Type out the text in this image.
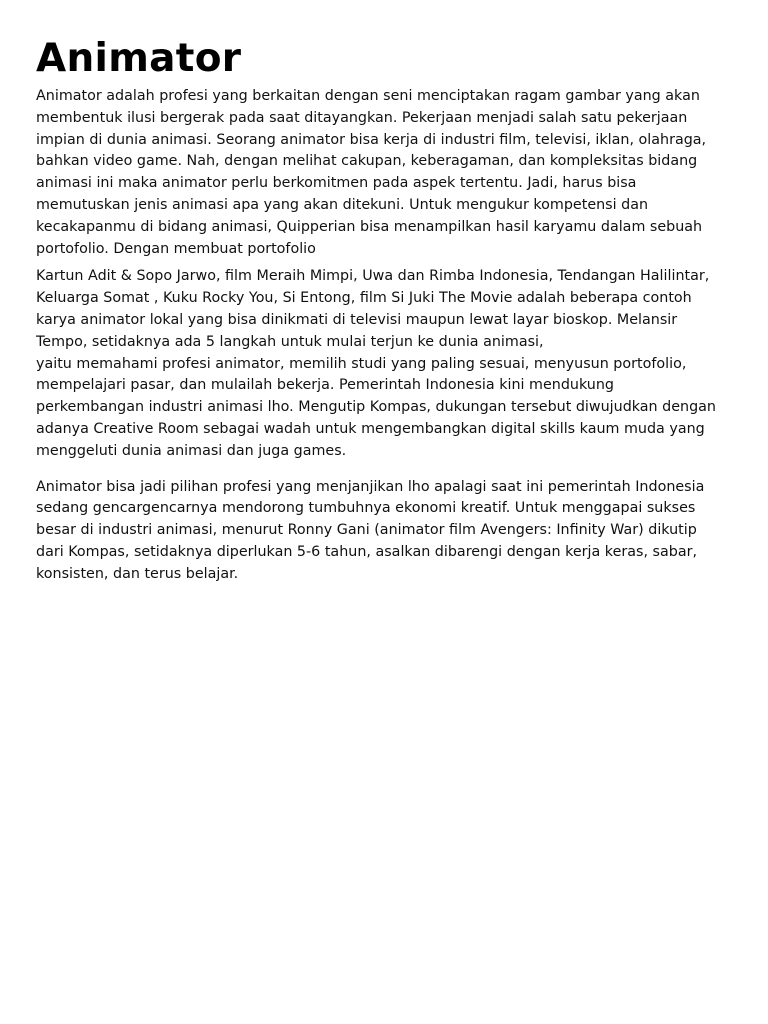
Animator

Animator adalah profesi yang berkaitan dengan seni menciptakan ragam gambar yang akan
membentuk ilusi bergerak pada saat ditayangkan. Pekerjaan menjadi salah satu pekerjaan
impian di dunia animasi. Seorang animator bisa kerja di industri film, televisi, iklan, olahraga,
bahkan video game. Nah, dengan melihat cakupan, keberagaman, dan kompleksitas bidang
animasi ini maka animator perlu berkomitmen pada aspek tertentu. Jadi, harus bisa
memutuskan jenis animasi apa yang akan ditekuni. Untuk mengukur kompetensi dan
kecakapanmu di bidang animasi, Quipperian bisa menampilkan hasil karyamu dalam sebuah
portofolio. Dengan membuat portofolio

Kartun Adit & Sopo Jarwo, film Meraih Mimpi, Uwa dan Rimba Indonesia, Tendangan Halilintar,
Keluarga Somat , Kuku Rocky You, Si Entong, film Si Juki The Movie adalah beberapa contoh
karya animator lokal yang bisa dinikmati di televisi maupun lewat layar bioskop. Melansir
Tempo, setidaknya ada 5 langkah untuk mulai terjun ke dunia animasi,
yaitu memahami profesi animator, memilih studi yang paling sesuai, menyusun portofolio,
mempelajari pasar, dan mulailah bekerja. Pemerintah Indonesia kini mendukung
perkembangan industri animasi lho. Mengutip Kompas, dukungan tersebut diwujudkan dengan
adanya Creative Room sebagai wadah untuk mengembangkan digital skills kaum muda yang
menggeluti dunia animasi dan juga games.

Animator bisa jadi pilihan profesi yang menjanjikan lho apalagi saat ini pemerintah Indonesia
sedang gencargencarnya mendorong tumbuhnya ekonomi kreatif. Untuk menggapai sukses
besar di industri animasi, menurut Ronny Gani (animator film Avengers: Infinity War) dikutip
dari Kompas, setidaknya diperlukan 5-6 tahun, asalkan dibarengi dengan kerja keras, sabar,
konsisten, dan terus belajar.
